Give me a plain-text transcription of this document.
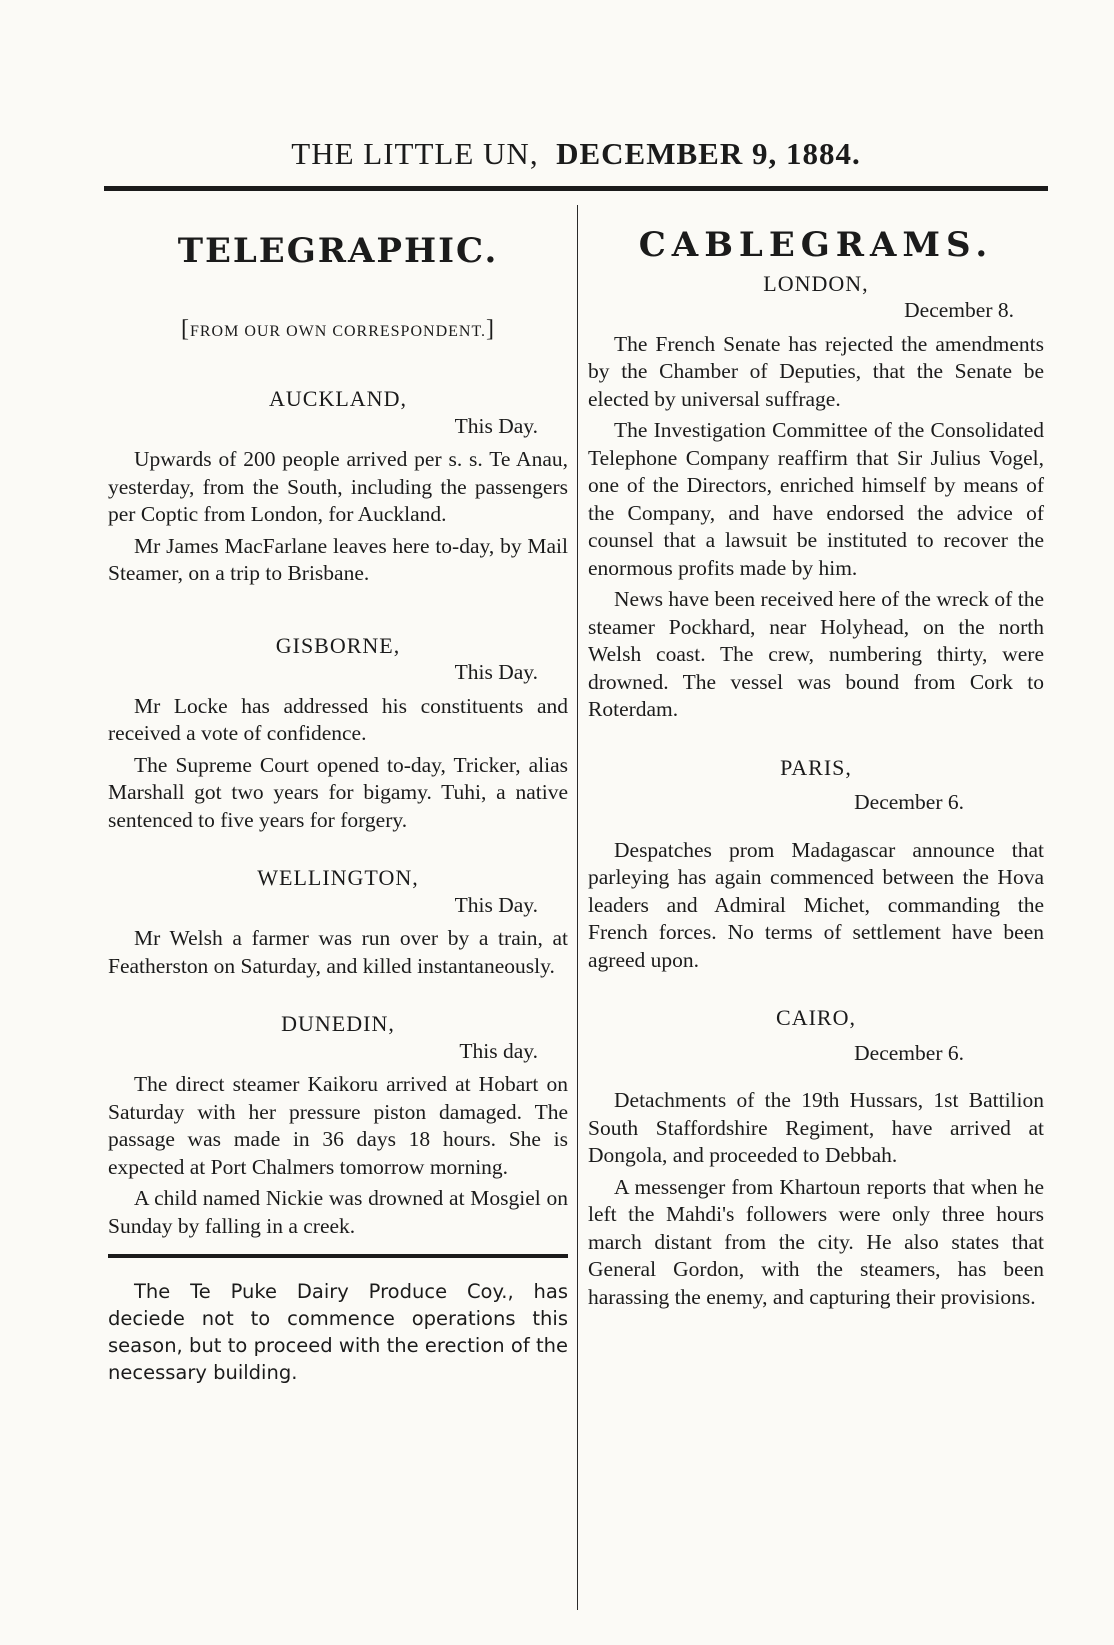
THE LITTLE UN, DECEMBER 9, 1884.
TELEGRAPHIC.
[FROM OUR OWN CORRESPONDENT.]
AUCKLAND,
This Day.

Upwards of 200 people arrived per s. s. Te Anau, yesterday, from the South, including the passengers per Coptic from London, for Auckland.

Mr James MacFarlane leaves here to-day, by Mail Steamer, on a trip to Brisbane.

GISBORNE,
This Day.

Mr Locke has addressed his constituents and received a vote of confidence.

The Supreme Court opened to-day, Tricker, alias Marshall got two years for bigamy. Tuhi, a native sentenced to five years for forgery.

WELLINGTON,
This Day.

Mr Welsh a farmer was run over by a train, at Featherston on Saturday, and killed instantaneously.

DUNEDIN,
This day.

The direct steamer Kaikoru arrived at Hobart on Saturday with her pressure piston damaged. The passage was made in 36 days 18 hours. She is expected at Port Chalmers tomorrow morning.

A child named Nickie was drowned at Mosgiel on Sunday by falling in a creek.

The Te Puke Dairy Produce Coy., has deciede not to commence operations this season, but to proceed with the erection of the necessary building.

CABLEGRAMS.
LONDON,
December 8.

The French Senate has rejected the amendments by the Chamber of Deputies, that the Senate be elected by universal suffrage.

The Investigation Committee of the Consolidated Telephone Company reaffirm that Sir Julius Vogel, one of the Directors, enriched himself by means of the Company, and have endorsed the advice of counsel that a lawsuit be instituted to recover the enormous profits made by him.

News have been received here of the wreck of the steamer Pockhard, near Holyhead, on the north Welsh coast. The crew, numbering thirty, were drowned. The vessel was bound from Cork to Roterdam.

PARIS,
December 6.

Despatches prom Madagascar announce that parleying has again commenced between the Hova leaders and Admiral Michet, commanding the French forces. No terms of settlement have been agreed upon.

CAIRO,
December 6.

Detachments of the 19th Hussars, 1st Battilion South Staffordshire Regiment, have arrived at Dongola, and proceeded to Debbah.

A messenger from Khartoun reports that when he left the Mahdi's followers were only three hours march distant from the city. He also states that General Gordon, with the steamers, has been harassing the enemy, and capturing their provisions.
